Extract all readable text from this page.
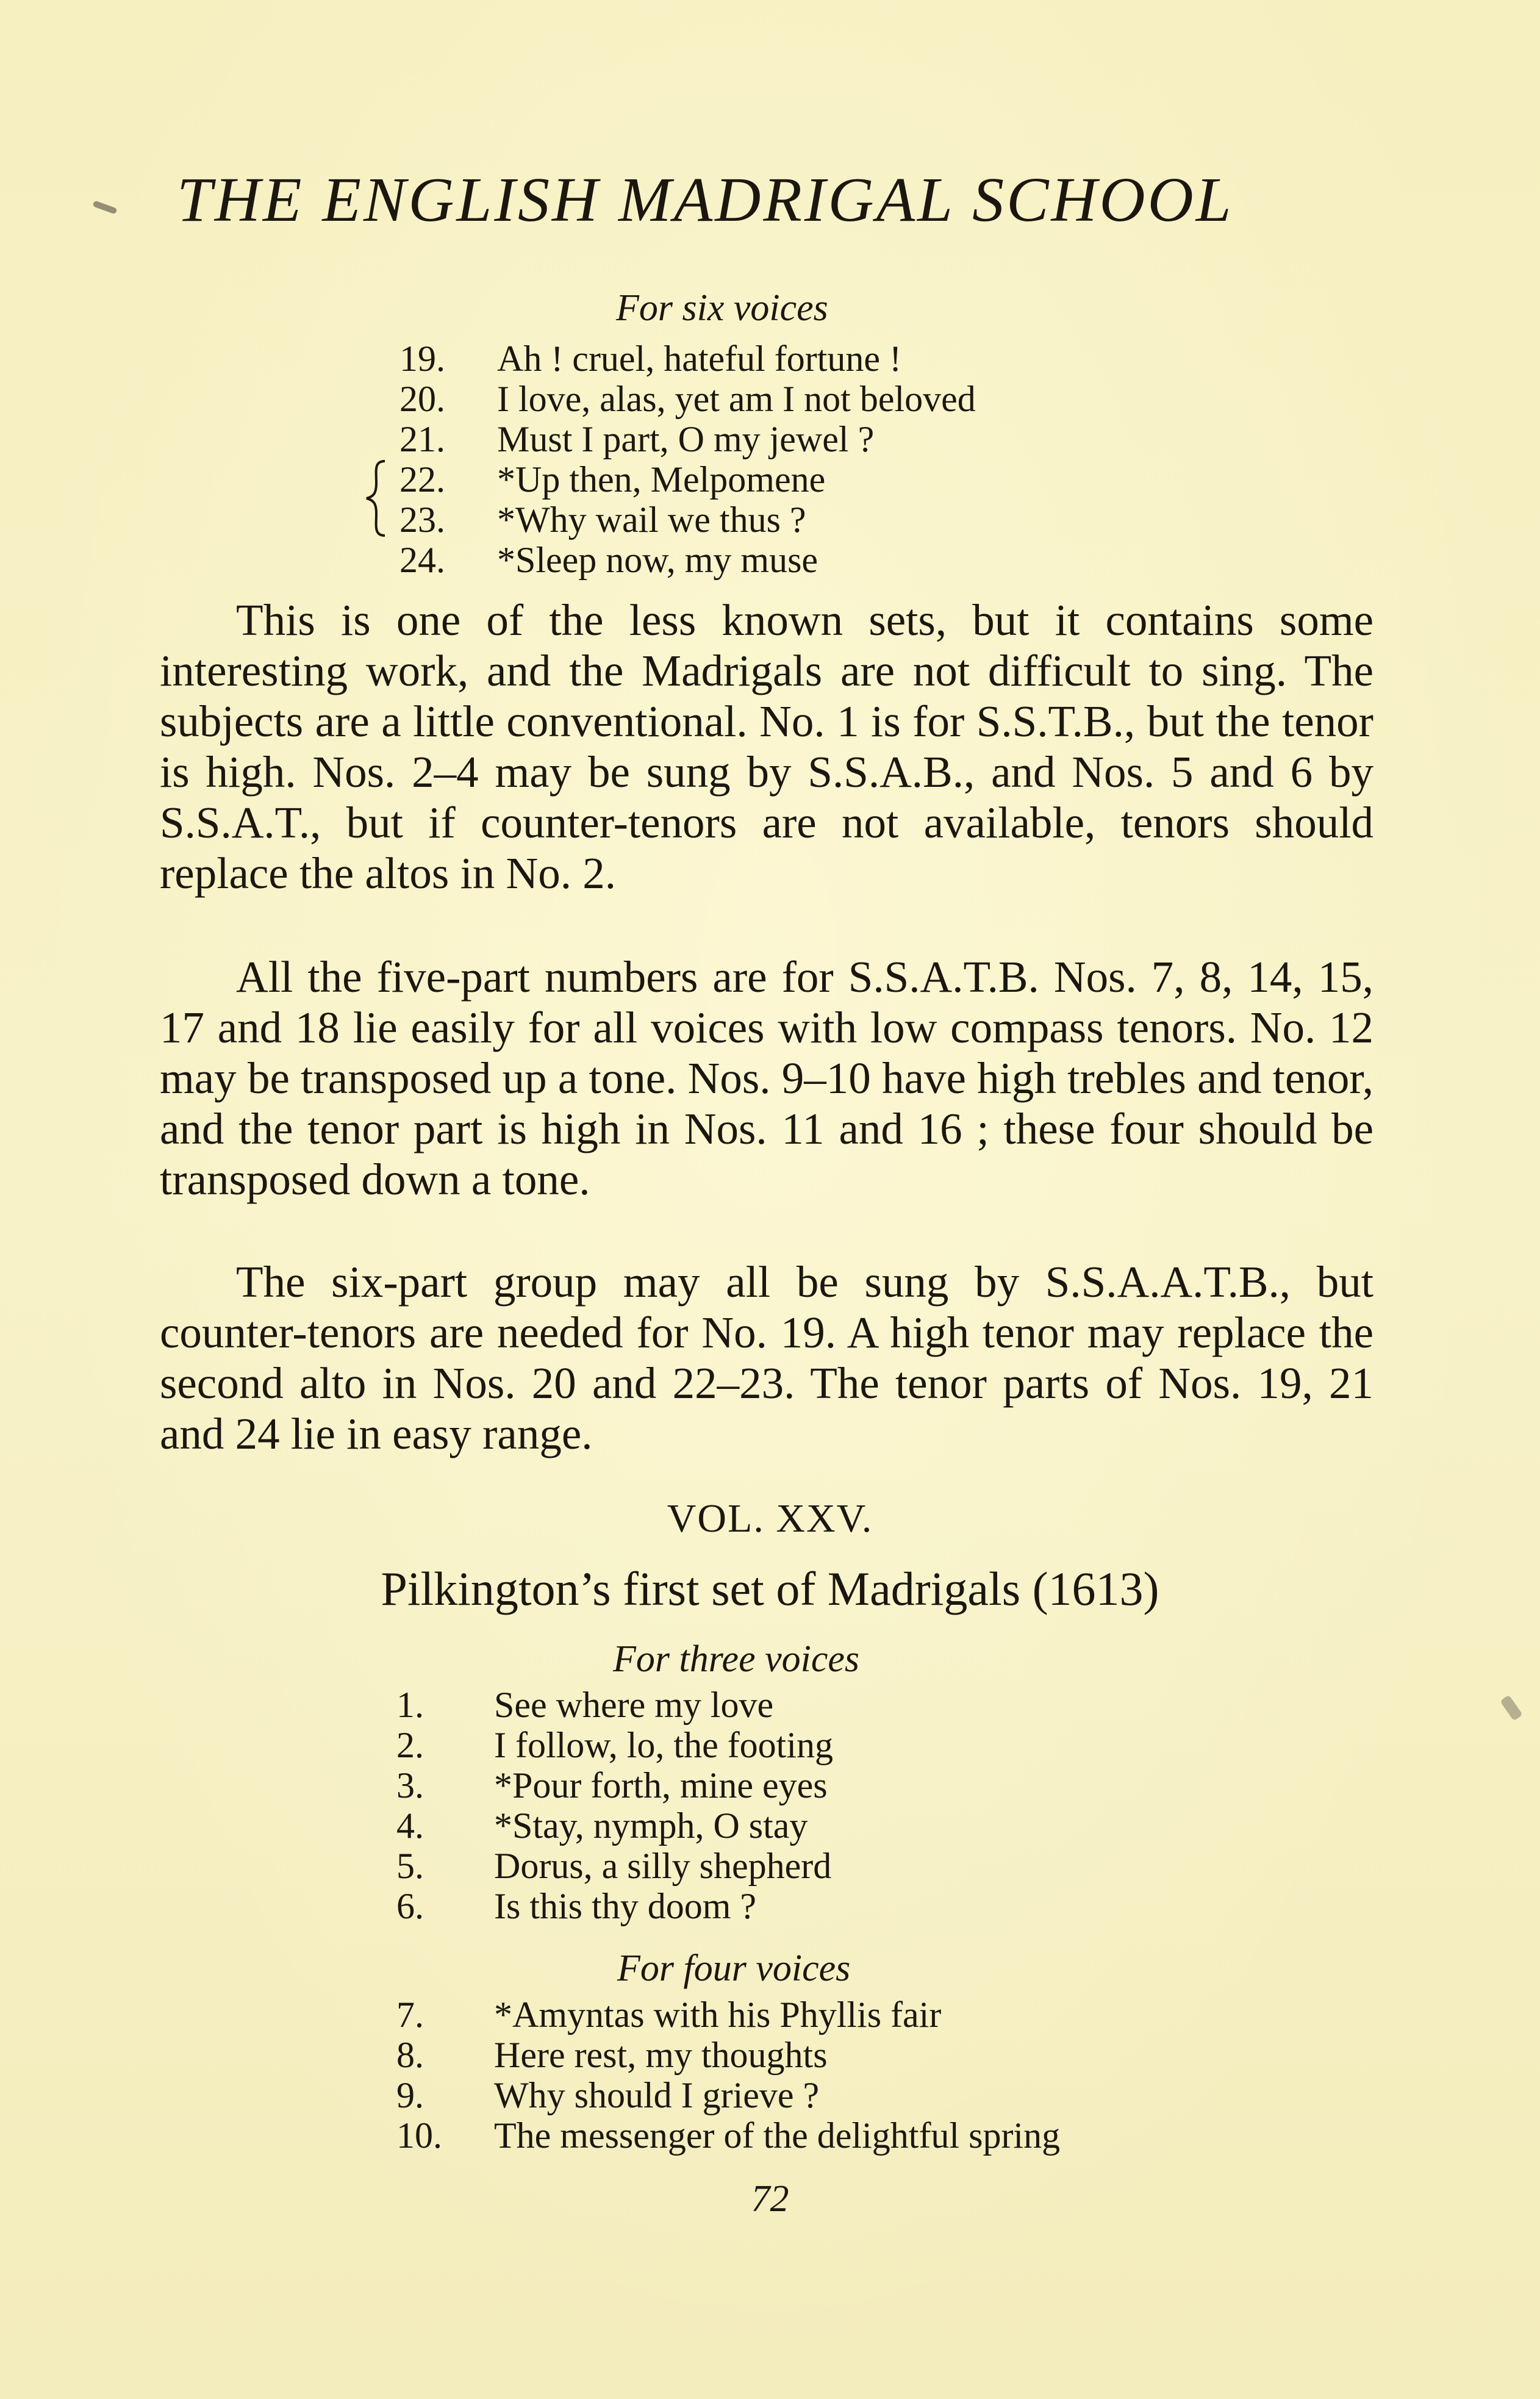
THE ENGLISH MADRIGAL SCHOOL
For six voices
19.	Ah ! cruel, hateful fortune !
20.	I love, alas, yet am I not beloved
21.	Must I part, O my jewel ?
22.	*Up then, Melpomene
23.	*Why wail we thus ?
24.	*Sleep now, my muse

This is one of the less known sets, but it contains some interesting work, and the Madrigals are not difficult to sing. The subjects are a little conventional. No. 1 is for S.S.T.B., but the tenor is high. Nos. 2–4 may be sung by S.S.A.B., and Nos. 5 and 6 by S.S.A.T., but if counter-tenors are not available, tenors should replace the altos in No. 2.

All the five-part numbers are for S.S.A.T.B. Nos. 7, 8, 14, 15, 17 and 18 lie easily for all voices with low compass tenors. No. 12 may be transposed up a tone. Nos. 9–10 have high trebles and tenor, and the tenor part is high in Nos. 11 and 16 ; these four should be transposed down a tone.

The six-part group may all be sung by S.S.A.A.T.B., but counter-tenors are needed for No. 19. A high tenor may replace the second alto in Nos. 20 and 22–23. The tenor parts of Nos. 19, 21 and 24 lie in easy range.

VOL. XXV.
Pilkington’s first set of Madrigals (1613)
For three voices
1.	See where my love
2.	I follow, lo, the footing
3.	*Pour forth, mine eyes
4.	*Stay, nymph, O stay
5.	Dorus, a silly shepherd
6.	Is this thy doom ?
For four voices
7.	*Amyntas with his Phyllis fair
8.	Here rest, my thoughts
9.	Why should I grieve ?
10.	The messenger of the delightful spring
72
